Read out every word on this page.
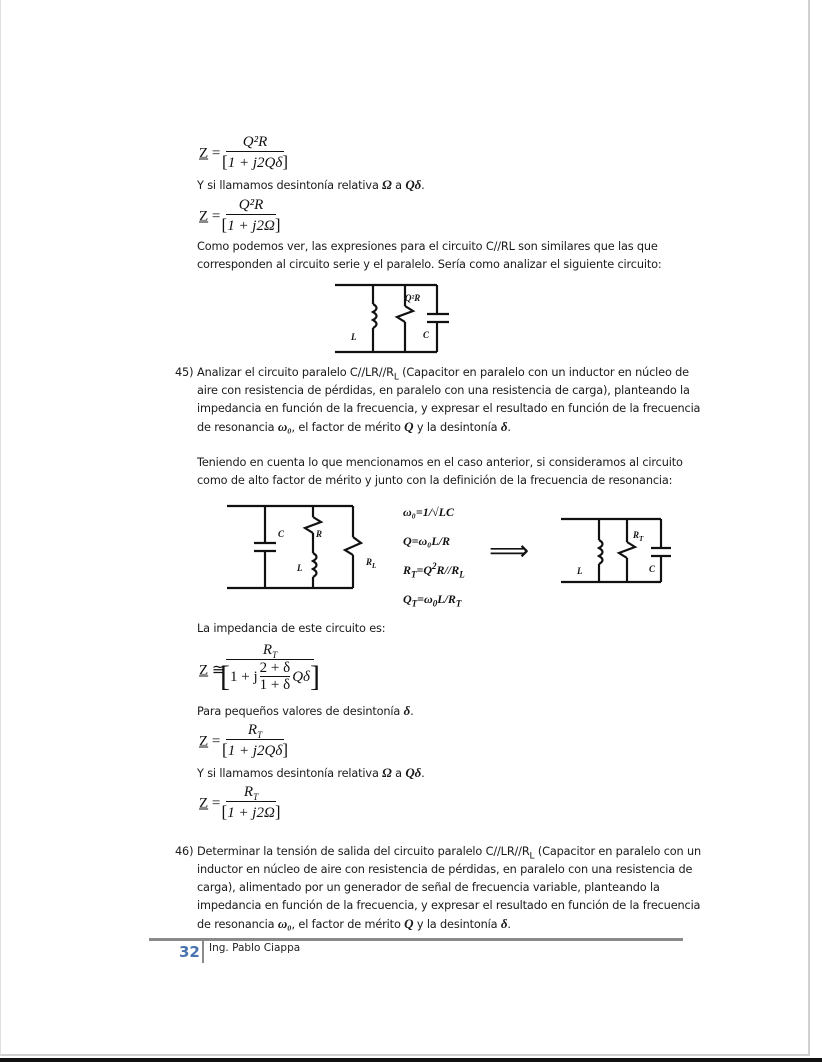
Z =
Q²R
[1 + j2Qδ]
Y si llamamos desintonía relativa Ω a Qδ.
Z =
Q²R
[1 + j2Ω]
Como podemos ver, las expresiones para el circuito C//RL son similares que las que
corresponden al circuito serie y el paralelo. Sería como analizar el siguiente circuito:
L
Q²R
C
45) Analizar el circuito paralelo $C//LR//R_L$ (Capacitor en paralelo con un inductor en núcleo de
aire con resistencia de pérdidas, en paralelo con una resistencia de carga), planteando la
impedancia en función de la frecuencia, y expresar el resultado en función de la frecuencia
de resonancia ω₀, el factor de mérito Q y la desintonía δ.
Teniendo en cuenta lo que mencionamos en el caso anterior, si consideramos al circuito
como de alto factor de mérito y junto con la definición de la frecuencia de resonancia:
C	R
L
$R_L$
ω₀=1/√LC
Q=ω₀L/R
$R_T=Q^2R//R_L$
$Q_T=\omega_0L/R_T$
⟹
L
$R_T$
C
La impedancia de este circuito es:
Z ≅
$R_T$
[ 1 + j
2 + δ
1 + δ
Qδ ]
Para pequeños valores de desintonía δ.
Z =
$R_T$
[1 + j2Qδ]
Y si llamamos desintonía relativa Ω a Qδ.
Z =
$R_T$
[1 + j2Ω]
46) Determinar la tensión de salida del circuito paralelo $C//LR//R_L$ (Capacitor en paralelo con un
inductor en núcleo de aire con resistencia de pérdidas, en paralelo con una resistencia de
carga), alimentado por un generador de señal de frecuencia variable, planteando la
impedancia en función de la frecuencia, y expresar el resultado en función de la frecuencia
de resonancia ω₀, el factor de mérito Q y la desintonía δ.
32 Ing. Pablo Ciappa
